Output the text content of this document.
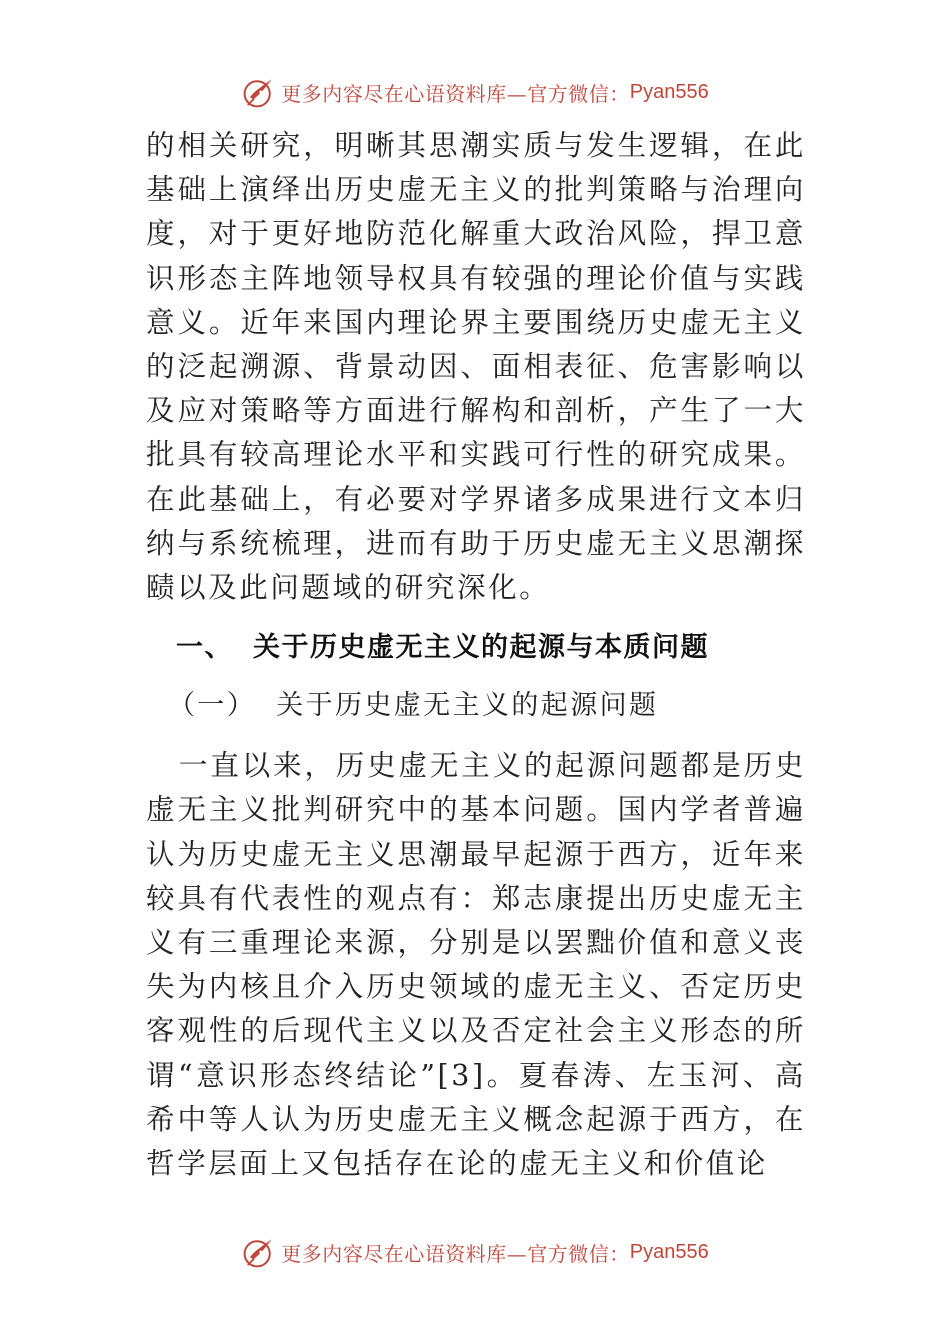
更多内容尽在心语资料库—官方微信： Pyan556

的相关研究，明晰其思潮实质与发生逻辑，在此基础上演绎出历史虚无主义的批判策略与治理向度，对于更好地防范化解重大政治风险，捍卫意识形态主阵地领导权具有较强的理论价值与实践意义。近年来国内理论界主要围绕历史虚无主义的泛起溯源、背景动因、面相表征、危害影响以及应对策略等方面进行解构和剖析，产生了一大批具有较高理论水平和实践可行性的研究成果。在此基础上，有必要对学界诸多成果进行文本归纳与系统梳理，进而有助于历史虚无主义思潮探赜以及此问题域的研究深化。

一、 关于历史虚无主义的起源与本质问题
（一） 关于历史虚无主义的起源问题

一直以来，历史虚无主义的起源问题都是历史虚无主义批判研究中的基本问题。国内学者普遍认为历史虚无主义思潮最早起源于西方，近年来较具有代表性的观点有：郑志康提出历史虚无主义有三重理论来源，分别是以罢黜价值和意义丧失为内核且介入历史领域的虚无主义、否定历史客观性的后现代主义以及否定社会主义形态的所谓“意识形态终结论”[3]。夏春涛、左玉河、高希中等人认为历史虚无主义概念起源于西方，在哲学层面上又包括存在论的虚无主义和价值论

更多内容尽在心语资料库—官方微信： Pyan556
